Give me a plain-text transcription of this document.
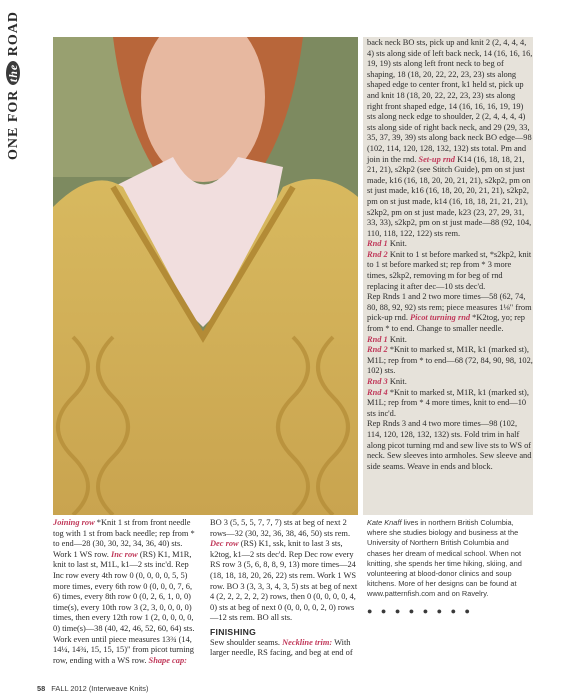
ONE FOR the ROAD	back neck BO sts, pick up and knit 2 (2, 4, 4, 4, 4) sts along side of left back neck, 14 (16, 16, 16, 19, 19) sts along left front neck to beg of shaping, 18 (18, 20, 22, 22, 23, 23) sts along shaped edge to center front, k1 held st, pick up and knit 18 (18, 20, 22, 22, 23, 23) sts along right front shaped edge, 14 (16, 16, 16, 19, 19) sts along neck edge to shoulder, 2 (2, 4, 4, 4, 4) sts along side of right back neck, and 29 (29, 33, 35, 37, 39, 39) sts along back neck BO edge—98 (102, 114, 120, 128, 132, 132) sts total. Pm and join in the rnd. Set-up rnd K14 (16, 18, 18, 21, 21, 21), s2kp2 (see Stitch Guide), pm on st just made, k16 (16, 18, 20, 20, 21, 21), s2kp2, pm on st just made, k16 (16, 18, 20, 20, 21, 21), s2kp2, pm on st just made, k14 (16, 18, 18, 21, 21, 21), s2kp2, pm on st just made, k23 (23, 27, 29, 31, 33, 33), s2kp2, pm on st just made—88 (92, 104, 110, 118, 122, 122) sts rem.

Rnd 1 Knit.

Rnd 2 Knit to 1 st before marked st, *s2kp2, knit to 1 st before marked st; rep from * 3 more times, s2kp2, removing m for beg of rnd replacing it after dec—10 sts dec'd.

Rep Rnds 1 and 2 two more times—58 (62, 74, 80, 88, 92, 92) sts rem; piece measures 1⅛" from pick-up rnd. Picot turning rnd *K2tog, yo; rep from * to end. Change to smaller needle.

Rnd 1 Knit.

Rnd 2 *Knit to marked st, M1R, k1 (marked st), M1L; rep from * to end—68 (72, 84, 90, 98, 102, 102) sts.

Rnd 3 Knit.

Rnd 4 *Knit to marked st, M1R, k1 (marked st), M1L; rep from * 4 more times, knit to end—10 sts inc'd.

Rep Rnds 3 and 4 two more times—98 (102, 114, 120, 128, 132, 132) sts. Fold trim in half along picot turning rnd and sew live sts to WS of neck. Sew sleeves into armholes. Sew sleeve and side seams. Weave in ends and block.

Joining row *Knit 1 st from front needle tog with 1 st from back needle; rep from * to end—28 (30, 30, 32, 34, 36, 40) sts. Work 1 WS row. Inc row (RS) K1, M1R, knit to last st, M1L, k1—2 sts inc'd. Rep Inc row every 4th row 0 (0, 0, 0, 0, 5, 5) more times, every 6th row 0 (0, 0, 0, 7, 6, 6) times, every 8th row 0 (0, 2, 6, 1, 0, 0) time(s), every 10th row 3 (2, 3, 0, 0, 0, 0) times, then every 12th row 1 (2, 0, 0, 0, 0, 0) time(s)—38 (40, 42, 46, 52, 60, 64) sts. Work even until piece measures 13¾ (14, 14¼, 14¾, 15, 15, 15)" from picot turning row, ending with a WS row. Shape cap:
BO 3 (5, 5, 5, 7, 7, 7) sts at beg of next 2 rows—32 (30, 32, 36, 38, 46, 50) sts rem. Dec row (RS) K1, ssk, knit to last 3 sts, k2tog, k1—2 sts dec'd. Rep Dec row every RS row 3 (5, 6, 8, 8, 9, 13) more times—24 (18, 18, 18, 20, 26, 22) sts rem. Work 1 WS row. BO 3 (3, 3, 3, 4, 3, 5) sts at beg of next 4 (2, 2, 2, 2, 2, 2) rows, then 0 (0, 0, 0, 0, 4, 0) sts at beg of next 0 (0, 0, 0, 0, 2, 0) rows—12 sts rem. BO all sts.
FINISHING
Sew shoulder seams. Neckline trim: With larger needle, RS facing, and beg at end of
Kate Knaff lives in northern British Columbia, where she studies biology and business at the University of Northern British Columbia and chases her dream of medical school. When not knitting, she spends her time hiking, skiing, and volunteering at blood-donor clinics and soup kitchens. More of her designs can be found at www.patternfish.com and on Ravelry.
● ● ● ● ● ● ● ●
58 FALL 2012 (Interweave Knits)
